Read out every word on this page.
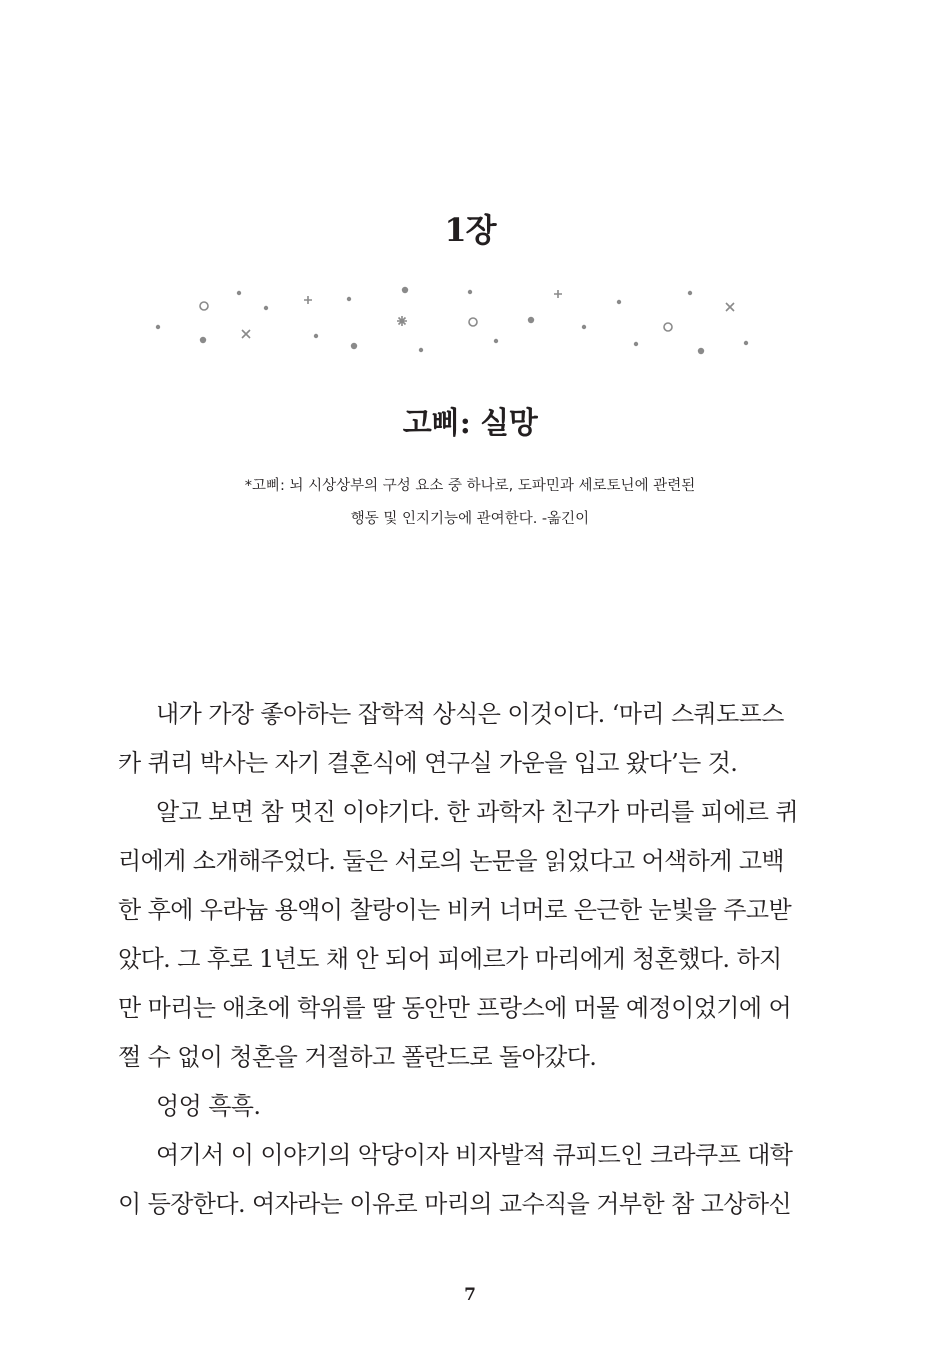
1장
고삐: 실망
*고삐: 뇌 시상상부의 구성 요소 중 하나로, 도파민과 세로토닌에 관련된
행동 및 인지기능에 관여한다. -옮긴이
내가 가장 좋아하는 잡학적 상식은 이것이다. ‘마리 스쿼도프스
카 퀴리 박사는 자기 결혼식에 연구실 가운을 입고 왔다’는 것.
알고 보면 참 멋진 이야기다. 한 과학자 친구가 마리를 피에르 퀴
리에게 소개해주었다. 둘은 서로의 논문을 읽었다고 어색하게 고백
한 후에 우라늄 용액이 찰랑이는 비커 너머로 은근한 눈빛을 주고받
았다. 그 후로 1년도 채 안 되어 피에르가 마리에게 청혼했다. 하지
만 마리는 애초에 학위를 딸 동안만 프랑스에 머물 예정이었기에 어
쩔 수 없이 청혼을 거절하고 폴란드로 돌아갔다.
엉엉 흑흑.
여기서 이 이야기의 악당이자 비자발적 큐피드인 크라쿠프 대학
이 등장한다. 여자라는 이유로 마리의 교수직을 거부한 참 고상하신
7
